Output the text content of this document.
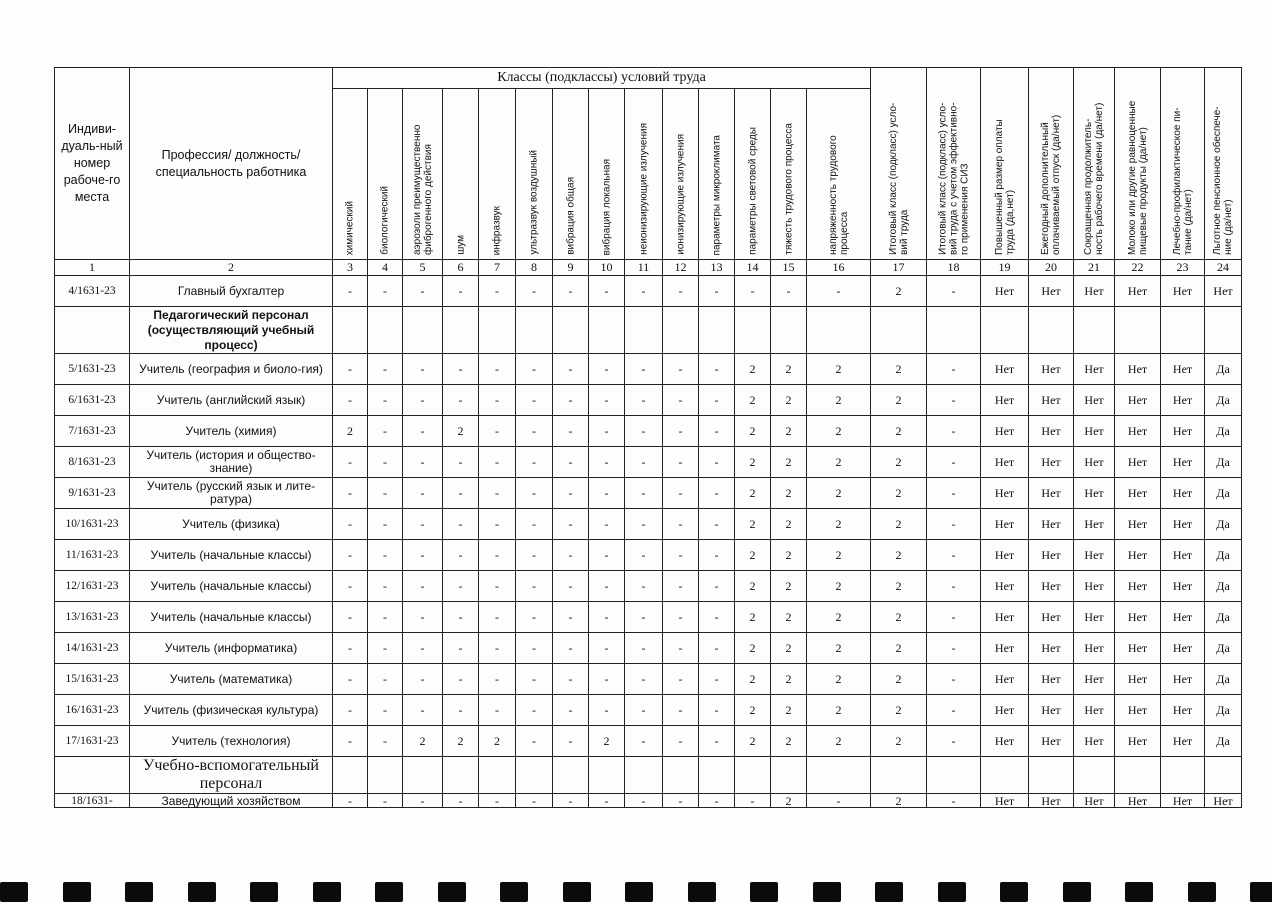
Индиви-дуаль-ный номер рабоче-го места	Профессия/ должность/ специальность работника	Классы (подклассы) условий труда														Итоговый класс (подкласс) усло-вий труда	Итоговый класс (подкласс) усло-вий труда с учетом эффективно-го применения СИЗ	Повышенный размер оплаты труда (да,нет)	Ежегодный дополнительный оплачиваемый отпуск (да/нет)	Сокращенная продолжитель-ность рабочего времени (да/нет)	Молоко или другие равноценные пищевые продукты (да/нет)	Лечебно-профилактическое пи-тание (да/нет)	Льготное пенсионное обеспече-ние (да/нет)

		химический	биологический	аэрозоли преимущественно фиброгенного действия	шум	инфразвук	ультразвук воздушный	вибрация общая	вибрация локальная	неионизирующие излучения	ионизирующие излучения	параметры микроклимата	параметры световой среды	тяжесть трудового процесса	напряженность трудового процесса								

1	2	3	4	5	6	7	8	9	10	11	12	13	14	15	16	17	18	19	20	21	22	23	24
4/1631-23	Главный бухгалтер	-	-	-	-	-	-	-	-	-	-	-	-	-	-	2	-	Нет	Нет	Нет	Нет	Нет	Нет
	Педагогический персонал (осуществляющий учебный процесс)																						
5/1631-23	Учитель (география и биоло-гия)	-	-	-	-	-	-	-	-	-	-	-	2	2	2	2	-	Нет	Нет	Нет	Нет	Нет	Да
6/1631-23	Учитель (английский язык)	-	-	-	-	-	-	-	-	-	-	-	2	2	2	2	-	Нет	Нет	Нет	Нет	Нет	Да
7/1631-23	Учитель (химия)	2	-	-	2	-	-	-	-	-	-	-	2	2	2	2	-	Нет	Нет	Нет	Нет	Нет	Да
8/1631-23	Учитель (история и общество-знание)	-	-	-	-	-	-	-	-	-	-	-	2	2	2	2	-	Нет	Нет	Нет	Нет	Нет	Да
9/1631-23	Учитель (русский язык и лите-ратура)	-	-	-	-	-	-	-	-	-	-	-	2	2	2	2	-	Нет	Нет	Нет	Нет	Нет	Да
10/1631-23	Учитель (физика)	-	-	-	-	-	-	-	-	-	-	-	2	2	2	2	-	Нет	Нет	Нет	Нет	Нет	Да
11/1631-23	Учитель (начальные классы)	-	-	-	-	-	-	-	-	-	-	-	2	2	2	2	-	Нет	Нет	Нет	Нет	Нет	Да
12/1631-23	Учитель (начальные классы)	-	-	-	-	-	-	-	-	-	-	-	2	2	2	2	-	Нет	Нет	Нет	Нет	Нет	Да
13/1631-23	Учитель (начальные классы)	-	-	-	-	-	-	-	-	-	-	-	2	2	2	2	-	Нет	Нет	Нет	Нет	Нет	Да
14/1631-23	Учитель (информатика)	-	-	-	-	-	-	-	-	-	-	-	2	2	2	2	-	Нет	Нет	Нет	Нет	Нет	Да
15/1631-23	Учитель (математика)	-	-	-	-	-	-	-	-	-	-	-	2	2	2	2	-	Нет	Нет	Нет	Нет	Нет	Да
16/1631-23	Учитель (физическая культура)	-	-	-	-	-	-	-	-	-	-	-	2	2	2	2	-	Нет	Нет	Нет	Нет	Нет	Да
17/1631-23	Учитель (технология)	-	-	2	2	2	-	-	2	-	-	-	2	2	2	2	-	Нет	Нет	Нет	Нет	Нет	Да
	Учебно-вспомогательный персонал																						
18/1631-	Заведующий хозяйством	-	-	-	-	-	-	-	-	-	-	-	-	2	-	2	-	Нет	Нет	Нет	Нет	Нет	Нет
